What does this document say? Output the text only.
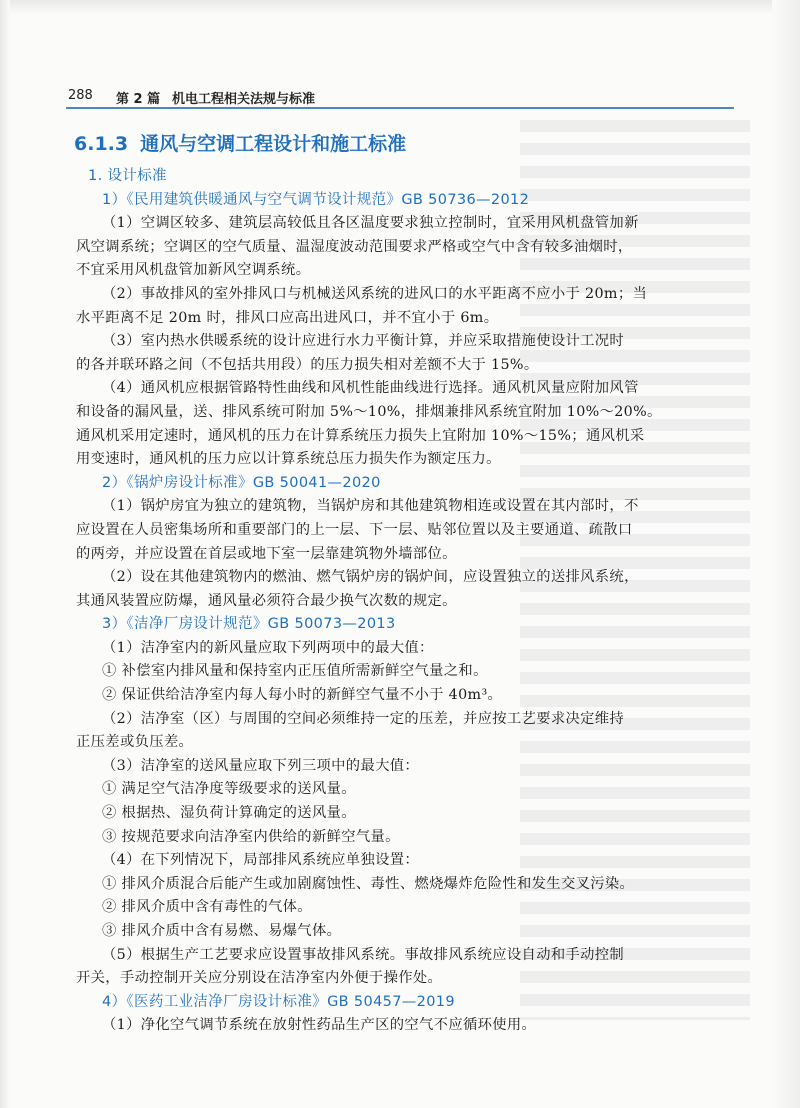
288 第 2 篇 机电工程相关法规与标准
6.1.3 通风与空调工程设计和施工标准
1. 设计标准
1）《民用建筑供暖通风与空气调节设计规范》GB 50736—2012
（1）空调区较多、建筑层高较低且各区温度要求独立控制时，宜采用风机盘管加新
风空调系统；空调区的空气质量、温湿度波动范围要求严格或空气中含有较多油烟时，
不宜采用风机盘管加新风空调系统。
（2）事故排风的室外排风口与机械送风系统的进风口的水平距离不应小于 20m；当
水平距离不足 20m 时，排风口应高出进风口，并不宜小于 6m。
（3）室内热水供暖系统的设计应进行水力平衡计算，并应采取措施使设计工况时
的各并联环路之间（不包括共用段）的压力损失相对差额不大于 15%。
（4）通风机应根据管路特性曲线和风机性能曲线进行选择。通风机风量应附加风管
和设备的漏风量，送、排风系统可附加 5%～10%，排烟兼排风系统宜附加 10%～20%。
通风机采用定速时，通风机的压力在计算系统压力损失上宜附加 10%～15%；通风机采
用变速时，通风机的压力应以计算系统总压力损失作为额定压力。
2）《锅炉房设计标准》GB 50041—2020
（1）锅炉房宜为独立的建筑物，当锅炉房和其他建筑物相连或设置在其内部时，不
应设置在人员密集场所和重要部门的上一层、下一层、贴邻位置以及主要通道、疏散口
的两旁，并应设置在首层或地下室一层靠建筑物外墙部位。
（2）设在其他建筑物内的燃油、燃气锅炉房的锅炉间，应设置独立的送排风系统，
其通风装置应防爆，通风量必须符合最少换气次数的规定。
3）《洁净厂房设计规范》GB 50073—2013
（1）洁净室内的新风量应取下列两项中的最大值：
① 补偿室内排风量和保持室内正压值所需新鲜空气量之和。
② 保证供给洁净室内每人每小时的新鲜空气量不小于 40m³。
（2）洁净室（区）与周围的空间必须维持一定的压差，并应按工艺要求决定维持
正压差或负压差。
（3）洁净室的送风量应取下列三项中的最大值：
① 满足空气洁净度等级要求的送风量。
② 根据热、湿负荷计算确定的送风量。
③ 按规范要求向洁净室内供给的新鲜空气量。
（4）在下列情况下，局部排风系统应单独设置：
① 排风介质混合后能产生或加剧腐蚀性、毒性、燃烧爆炸危险性和发生交叉污染。
② 排风介质中含有毒性的气体。
③ 排风介质中含有易燃、易爆气体。
（5）根据生产工艺要求应设置事故排风系统。事故排风系统应设自动和手动控制
开关，手动控制开关应分别设在洁净室内外便于操作处。
4）《医药工业洁净厂房设计标准》GB 50457—2019
（1）净化空气调节系统在放射性药品生产区的空气不应循环使用。
